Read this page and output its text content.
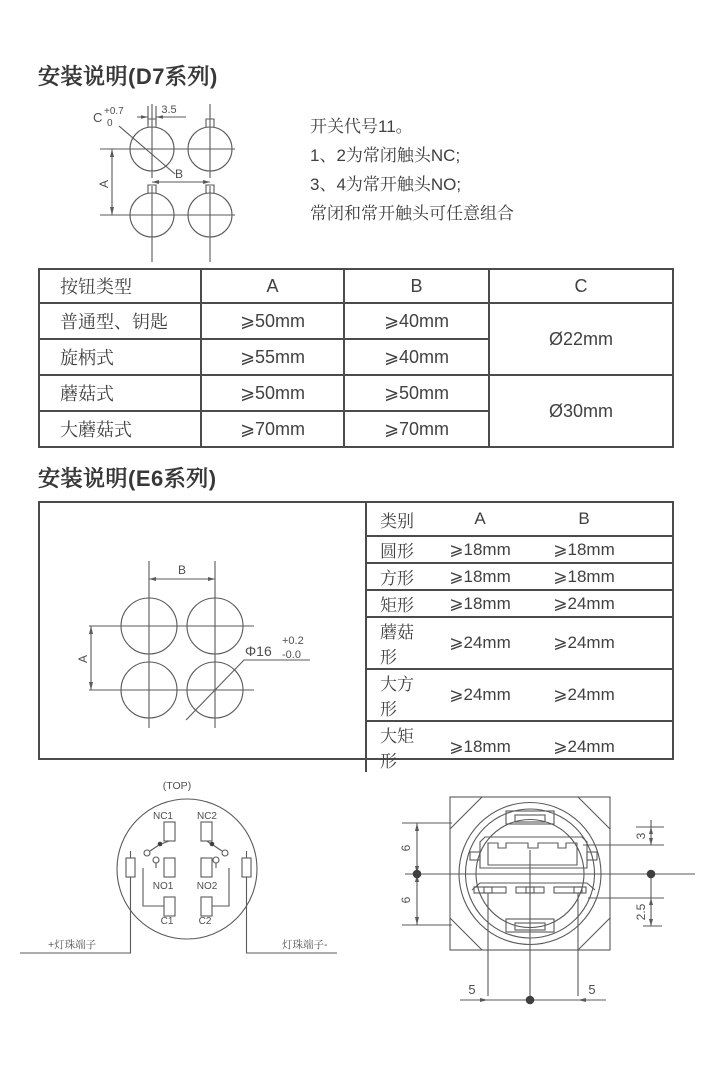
安装说明(D7系列)
C +0.7
0
3.5
A
B
开关代号11。
1、2为常闭触头NC;
3、4为常开触头NO;
常闭和常开触头可任意组合
按钮类型	A	B	C
普通型、钥匙	⩾50mm	⩾40mm	Ø22mm
旋柄式	⩾55mm	⩾40mm	
蘑菇式	⩾50mm	⩾50mm	Ø30mm
大蘑菇式	⩾70mm	⩾70mm	
安装说明(E6系列)
A
B
Φ16
+0.2
-0.0
类别	A	B	
圆形	⩾18mm	⩾18mm	
方形	⩾18mm	⩾18mm	
矩形	⩾18mm	⩾24mm	
蘑菇形	⩾24mm	⩾24mm	
大方形	⩾24mm	⩾24mm	
大矩形	⩾18mm	⩾24mm	
(TOP)
NC1 NC2
NO1 NO2
C1	C2
+灯珠端子	灯珠端子-
6
6
3
2.5
5	5
